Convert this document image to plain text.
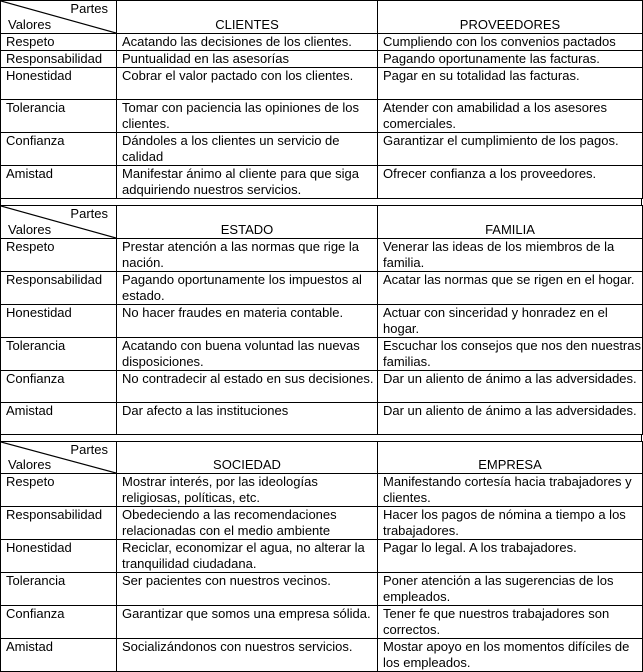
Partes
Valores	CLIENTES	PROVEEDORES

Respeto	Acatando las decisiones de los clientes.	Cumpliendo con los convenios pactados
Responsabilidad	Puntualidad en las asesorías	Pagando oportunamente las facturas.
Honestidad	Cobrar el valor pactado con los clientes.	Pagar en su totalidad las facturas.
Tolerancia	Tomar con paciencia las opiniones de los clientes.	Atender con amabilidad a los asesores comerciales.
Confianza	Dándoles a los clientes un servicio de calidad	Garantizar el cumplimiento de los pagos.
Amistad	Manifestar ánimo al cliente para que siga adquiriendo nuestros servicios.	Ofrecer confianza a los proveedores.
Partes
Valores	ESTADO	FAMILIA

Respeto	Prestar atención a las normas que rige la nación.	Venerar las ideas de los miembros de la familia.
Responsabilidad	Pagando oportunamente los impuestos al estado.	Acatar las normas que se rigen en el hogar.
Honestidad	No hacer fraudes en materia contable.	Actuar con sinceridad y honradez en el hogar.
Tolerancia	Acatando con buena voluntad las nuevas disposiciones.	Escuchar los consejos que nos den nuestras familias.
Confianza	No contradecir al estado en sus decisiones.	Dar un aliento de ánimo a las adversidades.
Amistad	Dar afecto a las instituciones	Dar un aliento de ánimo a las adversidades.
Partes
Valores	SOCIEDAD	EMPRESA

Respeto	Mostrar interés, por las ideologías religiosas, políticas, etc.	Manifestando cortesía hacia trabajadores y clientes.
Responsabilidad	Obedeciendo a las recomendaciones relacionadas con el medio ambiente	Hacer los pagos de nómina a tiempo a los trabajadores.
Honestidad	Reciclar, economizar el agua, no alterar la tranquilidad ciudadana.	Pagar lo legal. A los trabajadores.
Tolerancia	Ser pacientes con nuestros vecinos.	Poner atención a las sugerencias de los empleados.
Confianza	Garantizar que somos una empresa sólida.	Tener fe que nuestros trabajadores son correctos.
Amistad	Socializándonos con nuestros servicios.	Mostar apoyo en los momentos difíciles de los empleados.
